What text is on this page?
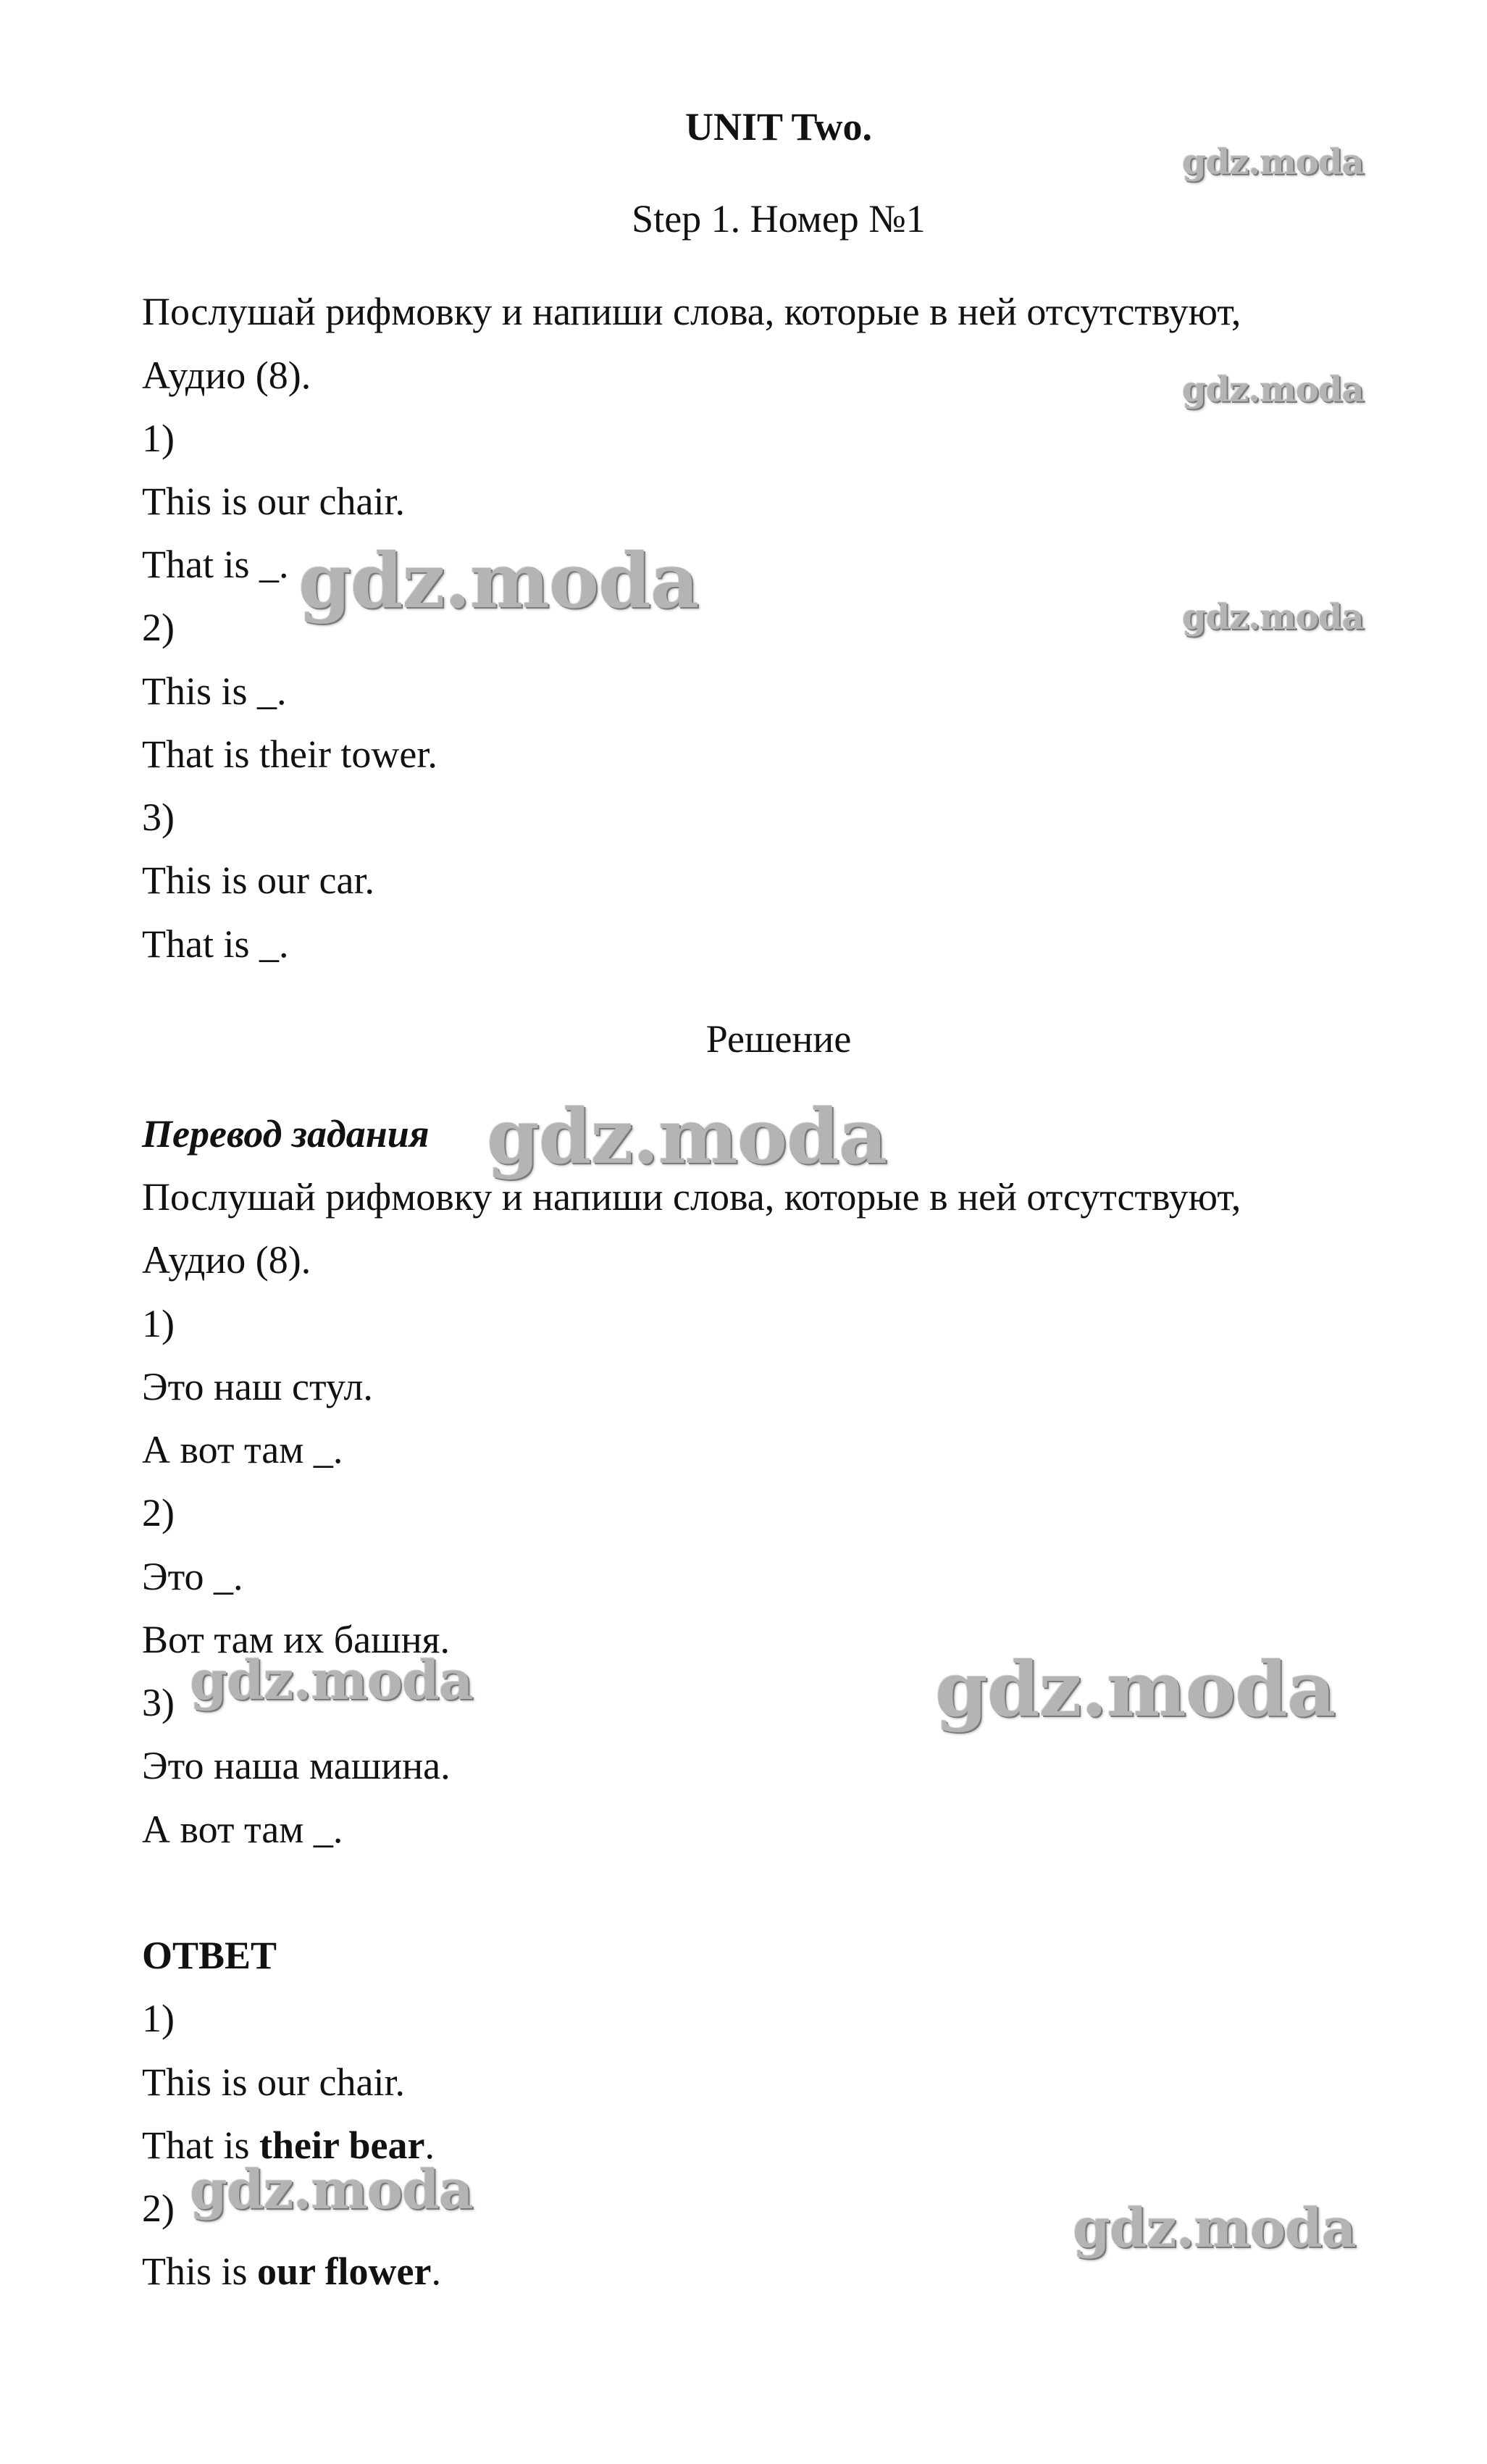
UNIT Two.
Step 1. Номер №1
Послушай рифмовку и напиши слова, которые в ней отсутствуют,
Аудио (8).
1)
This is our chair.
That is _.
2)
This is _.
That is their tower.
3)
This is our car.
That is _.
Решение
Перевод задания
Послушай рифмовку и напиши слова, которые в ней отсутствуют,
Аудио (8).
1)
Это наш стул.
А вот там _.
2)
Это _.
Вот там их башня.
3)
Это наша машина.
А вот там _.
ОТВЕТ
1)
This is our chair.
That is their bear.
2)
This is our flower.
gdz.moda
gdz.moda
gdz.moda
gdz.moda
gdz.moda
gdz.moda	gdz.moda
gdz.moda
gdz.moda
